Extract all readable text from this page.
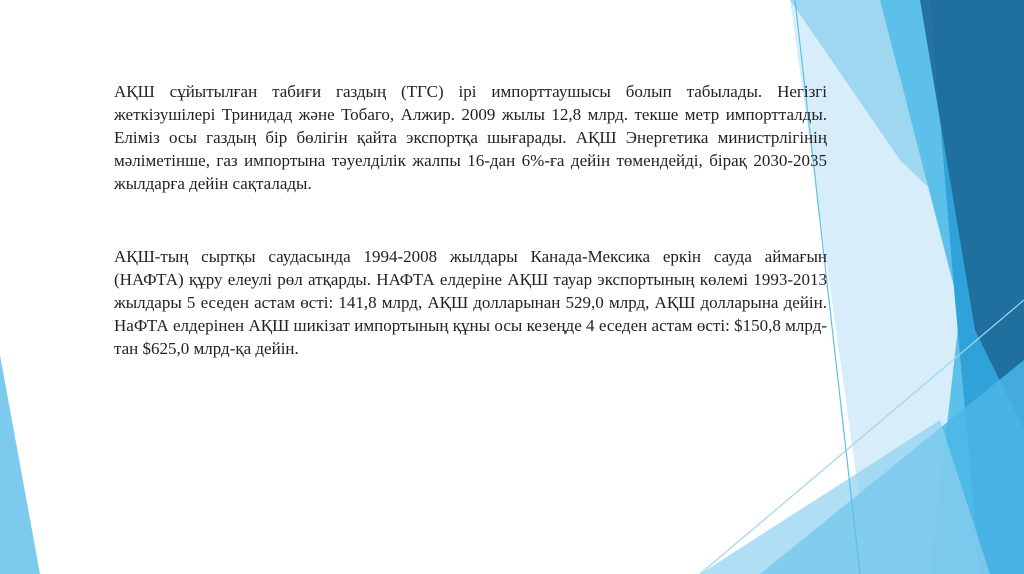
АҚШ сұйытылған табиғи газдың (ТГС) ірі импорттаушысы болып табылады. Негізгі жеткізушілері Тринидад және Тобаго, Алжир. 2009 жылы 12,8 млрд. текше метр импортталды. Еліміз осы газдың бір бөлігін қайта экспортқа шығарады. АҚШ Энергетика министрлігінің мәліметінше, газ импортына тәуелділік жалпы 16-дан 6%-ға дейін төмендейді, бірақ 2030-2035 жылдарға дейін сақталады.

АҚШ-тың сыртқы саудасында 1994-2008 жылдары Канада-Мексика еркін сауда аймағын (НАФТА) құру елеулі рөл атқарды. НАФТА елдеріне АҚШ тауар экспортының көлемі 1993-2013 жылдары 5 еседен астам өсті: 141,8 млрд, АҚШ долларынан 529,0 млрд, АҚШ долларына дейін. НаФТА елдерінен АҚШ шикізат импортының құны осы кезеңде 4 еседен астам өсті: $150,8 млрд-тан $625,0 млрд-қа дейін.
